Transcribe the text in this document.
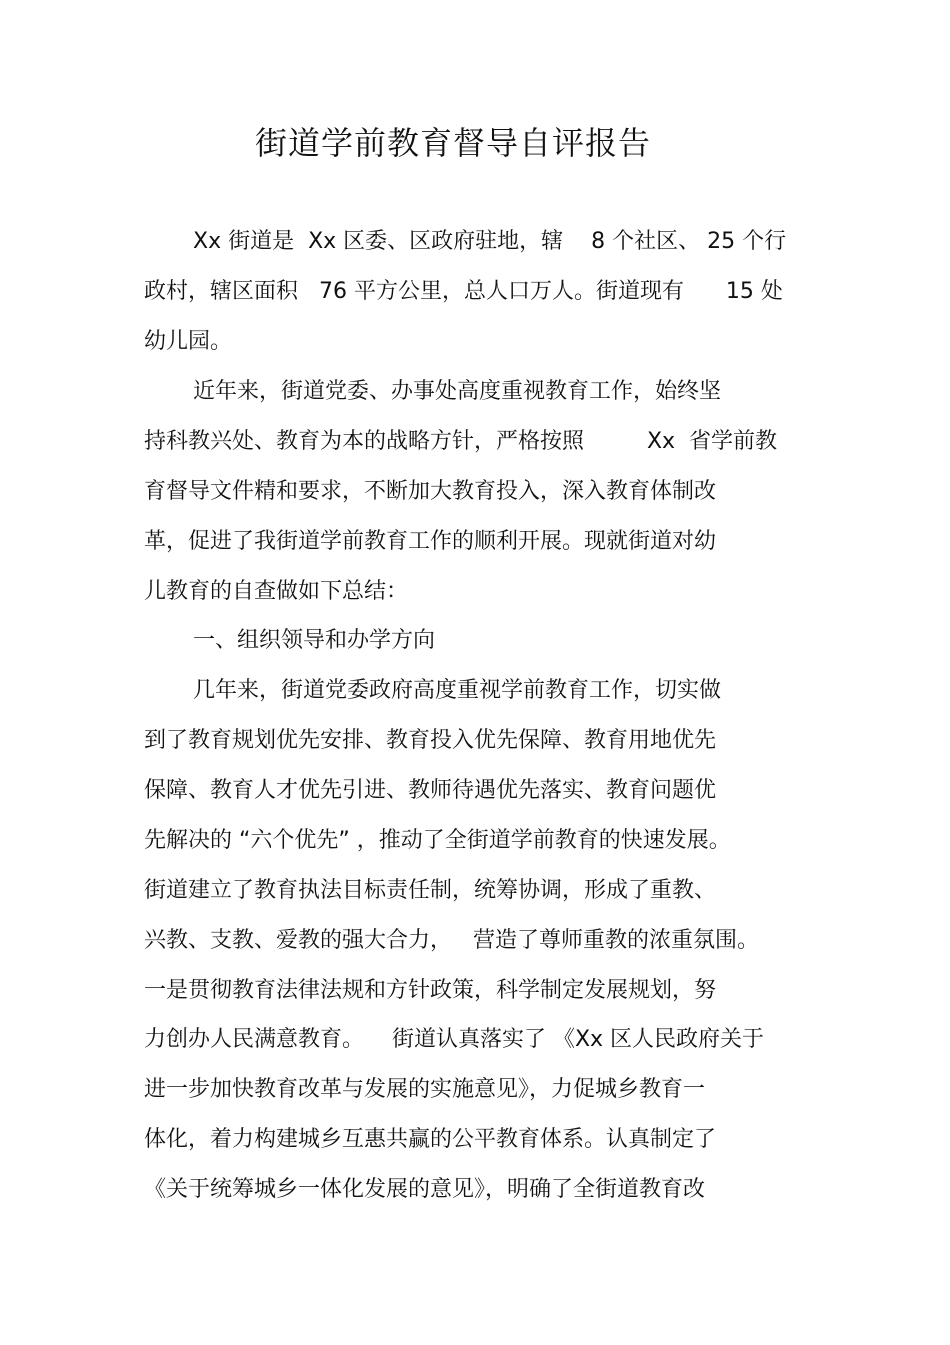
街道学前教育督导自评报告
Xx 街道是  Xx 区委、区政府驻地，辖    8 个社区、 25 个行
政村，辖区面积   76 平方公里，总人口万人。街道现有      15 处
幼儿园。
近年来，街道党委、办事处高度重视教育工作，始终坚
持科教兴处、教育为本的战略方针，严格按照         Xx  省学前教
育督导文件精和要求，不断加大教育投入，深入教育体制改
革，促进了我街道学前教育工作的顺利开展。现就街道对幼
儿教育的自查做如下总结：
一、组织领导和办学方向
几年来，街道党委政府高度重视学前教育工作，切实做
到了教育规划优先安排、教育投入优先保障、教育用地优先
保障、教育人才优先引进、教师待遇优先落实、教育问题优
先解决的 “六个优先” ，推动了全街道学前教育的快速发展。
街道建立了教育执法目标责任制，统筹协调，形成了重教、
兴教、支教、爱教的强大合力，   营造了尊师重教的浓重氛围。
一是贯彻教育法律法规和方针政策，科学制定发展规划，努
力创办人民满意教育。    街道认真落实了 《Xx 区人民政府关于
进一步加快教育改革与发展的实施意见》，力促城乡教育一
体化，着力构建城乡互惠共赢的公平教育体系。认真制定了
《关于统筹城乡一体化发展的意见》，明确了全街道教育改
